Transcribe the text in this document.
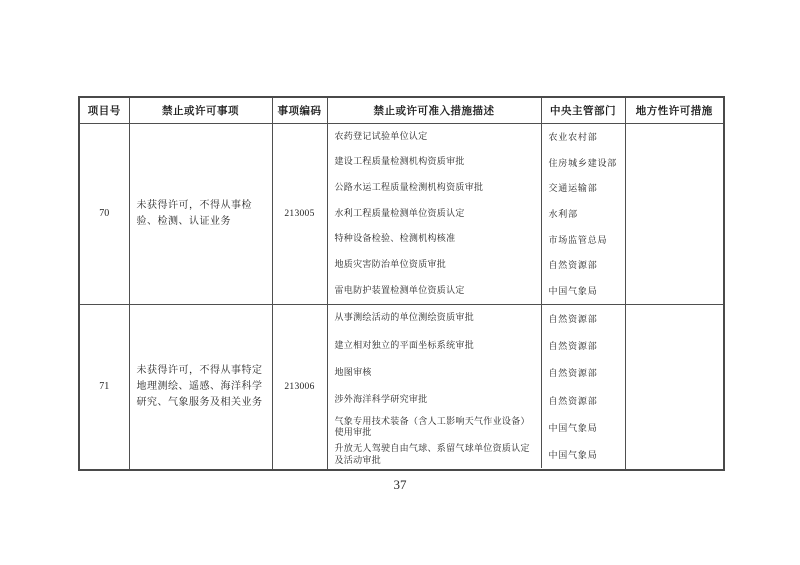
项目号	禁止或许可事项	事项编码	禁止或许可准入措施描述	中央主管部门	地方性许可措施
70	未获得许可，不得从事检验、检测、认证业务	213005	
农药登记试验单位认定	农业农村部
建设工程质量检测机构资质审批	住房城乡建设部
公路水运工程质量检测机构资质审批	交通运输部
水利工程质量检测单位资质认定	水利部
特种设备检验、检测机构核准	市场监管总局
地质灾害防治单位资质审批	自然资源部
雷电防护装置检测单位资质认定	中国气象局

71	未获得许可，不得从事特定地理测绘、遥感、海洋科学研究、气象服务及相关业务	213006	
从事测绘活动的单位测绘资质审批	自然资源部
建立相对独立的平面坐标系统审批	自然资源部
地图审核	自然资源部
涉外海洋科学研究审批	自然资源部
气象专用技术装备（含人工影响天气作业设备）使用审批	中国气象局
升放无人驾驶自由气球、系留气球单位资质认定及活动审批	中国气象局

37
